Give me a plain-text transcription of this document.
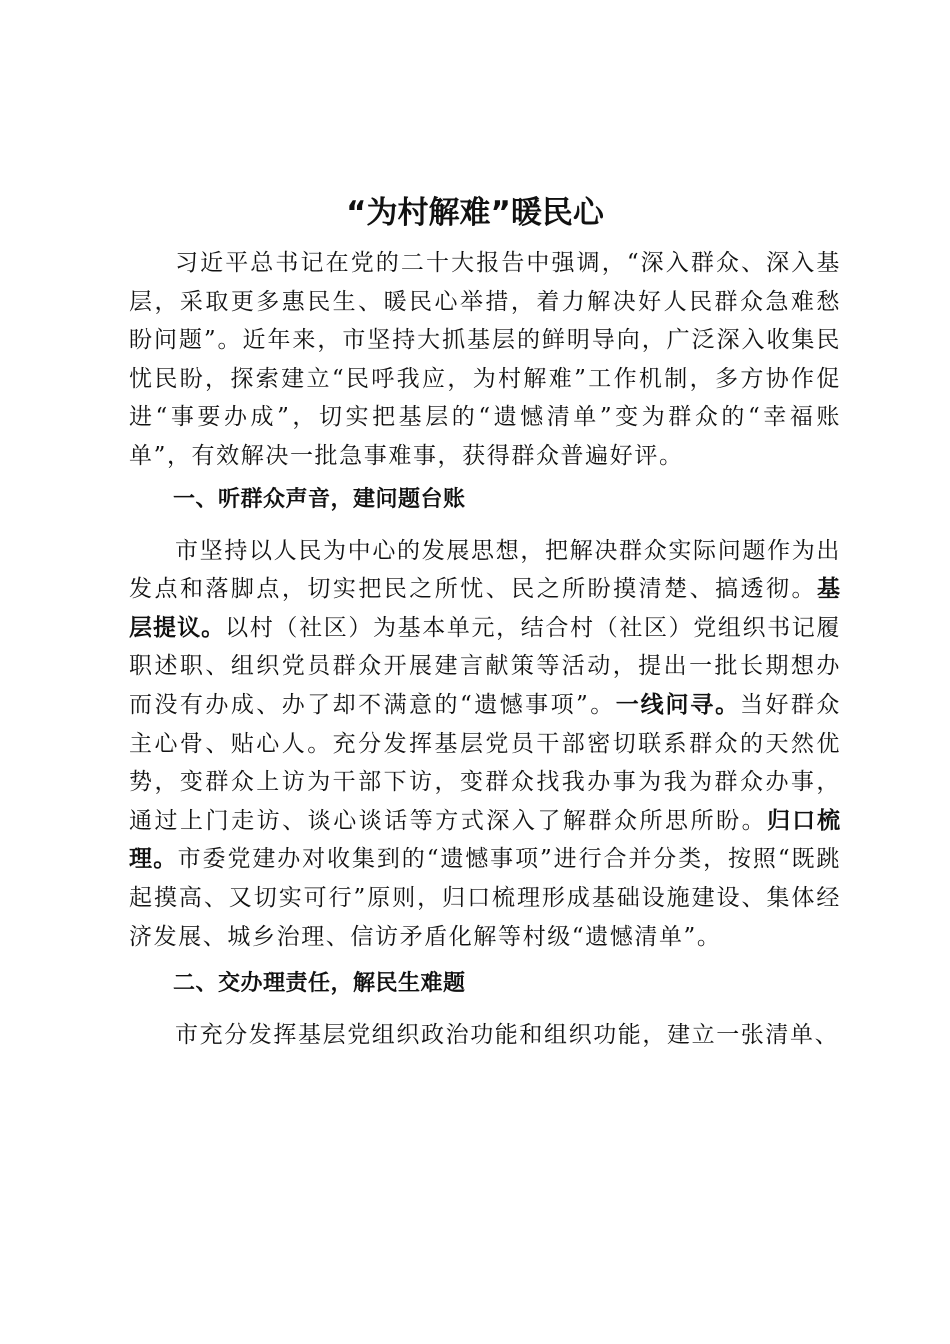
“为村解难”暖民心

习近平总书记在党的二十大报告中强调，“深入群众、深入基层，采取更多惠民生、暖民心举措，着力解决好人民群众急难愁盼问题”。近年来，市坚持大抓基层的鲜明导向，广泛深入收集民忧民盼，探索建立“民呼我应，为村解难”工作机制，多方协作促进“事要办成”，切实把基层的“遗憾清单”变为群众的“幸福账单”，有效解决一批急事难事，获得群众普遍好评。

一、听群众声音，建问题台账

市坚持以人民为中心的发展思想，把解决群众实际问题作为出发点和落脚点，切实把民之所忧、民之所盼摸清楚、搞透彻。基层提议。以村（社区）为基本单元，结合村（社区）党组织书记履职述职、组织党员群众开展建言献策等活动，提出一批长期想办而没有办成、办了却不满意的“遗憾事项”。一线问寻。当好群众主心骨、贴心人。充分发挥基层党员干部密切联系群众的天然优势，变群众上访为干部下访，变群众找我办事为我为群众办事，通过上门走访、谈心谈话等方式深入了解群众所思所盼。归口梳理。市委党建办对收集到的“遗憾事项”进行合并分类，按照“既跳起摸高、又切实可行”原则，归口梳理形成基础设施建设、集体经济发展、城乡治理、信访矛盾化解等村级“遗憾清单”。

二、交办理责任，解民生难题

市充分发挥基层党组织政治功能和组织功能，建立一张清单、
